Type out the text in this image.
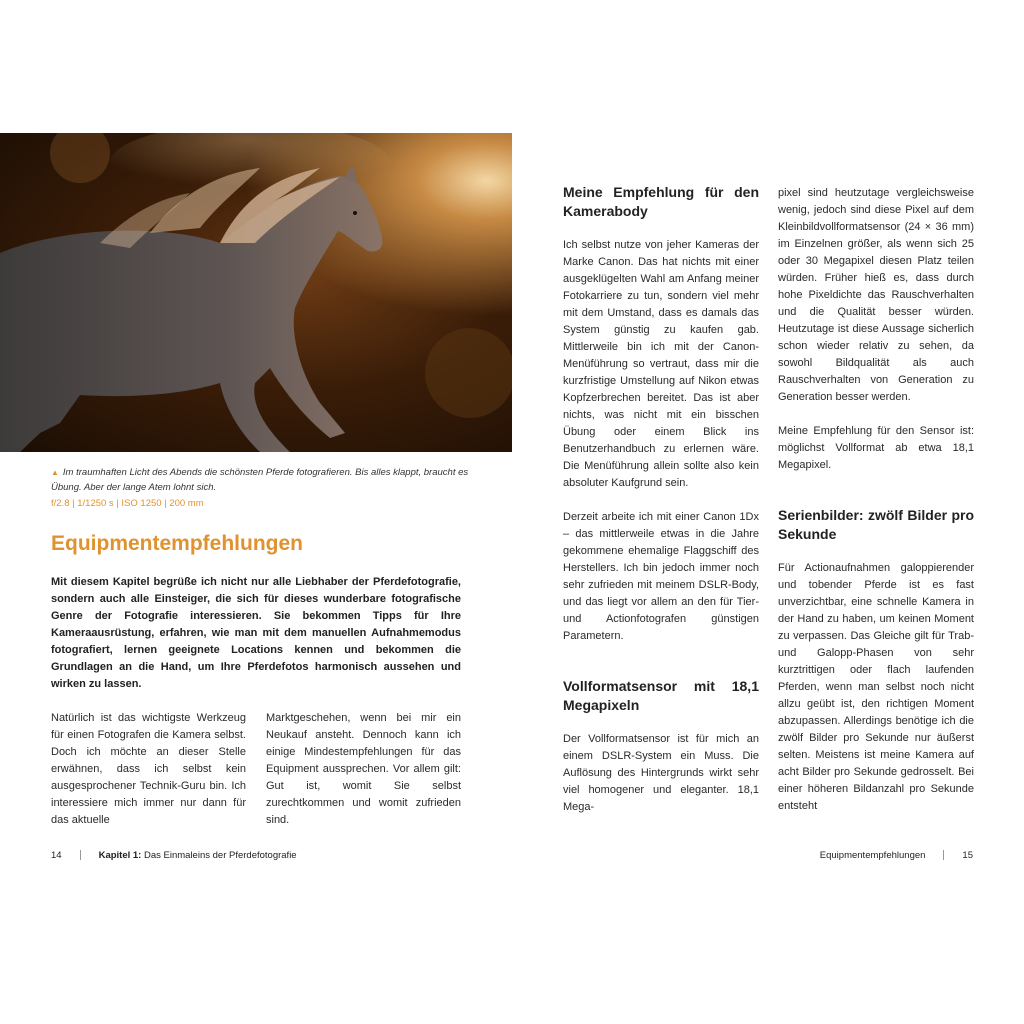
▲ Im traumhaften Licht des Abends die schönsten Pferde fotografieren. Bis alles klappt, braucht es Übung. Aber der lange Atem lohnt sich.
f/2.8 | 1/1250 s | ISO 1250 | 200 mm
Equipmentempfehlungen

Mit diesem Kapitel begrüße ich nicht nur alle Liebhaber der Pferdefotografie, sondern auch alle Einsteiger, die sich für dieses wunderbare fotografische Genre der Fotografie interessieren. Sie bekommen Tipps für Ihre Kameraausrüstung, erfahren, wie man mit dem manuellen Aufnahmemodus fotografiert, lernen geeignete Locations kennen und bekommen die Grundlagen an die Hand, um Ihre Pferdefotos harmonisch aussehen und wirken zu lassen.

Natürlich ist das wichtigste Werkzeug für einen Fotografen die Kamera selbst. Doch ich möchte an dieser Stelle erwähnen, dass ich selbst kein ausgesprochener Technik-Guru bin. Ich interessiere mich immer nur dann für das aktuelle

Marktgeschehen, wenn bei mir ein Neukauf ansteht. Dennoch kann ich einige Mindestempfehlungen für das Equipment aussprechen. Vor allem gilt: Gut ist, womit Sie selbst zurechtkommen und womit zufrieden sind.

Meine Empfehlung für den Kamerabody

Ich selbst nutze von jeher Kameras der Marke Canon. Das hat nichts mit einer ausgeklügelten Wahl am Anfang meiner Fotokarriere zu tun, sondern viel mehr mit dem Umstand, dass es damals das System günstig zu kaufen gab. Mittlerweile bin ich mit der Canon-Menüführung so vertraut, dass mir die kurzfristige Umstellung auf Nikon etwas Kopfzerbrechen bereitet. Das ist aber nichts, was nicht mit ein bisschen Übung oder einem Blick ins Benutzerhandbuch zu erlernen wäre. Die Menüführung allein sollte also kein absoluter Kaufgrund sein.

Derzeit arbeite ich mit einer Canon 1Dx – das mittlerweile etwas in die Jahre gekommene ehemalige Flaggschiff des Herstellers. Ich bin jedoch immer noch sehr zufrieden mit meinem DSLR-Body, und das liegt vor allem an den für Tier- und Actionfotografen günstigen Parametern.

Vollformatsensor mit 18,1 Megapixeln

Der Vollformatsensor ist für mich an einem DSLR-System ein Muss. Die Auflösung des Hintergrunds wirkt sehr viel homogener und eleganter. 18,1 Mega-

pixel sind heutzutage vergleichsweise wenig, jedoch sind diese Pixel auf dem Kleinbildvollformatsensor (24 × 36 mm) im Einzelnen größer, als wenn sich 25 oder 30 Megapixel diesen Platz teilen würden. Früher hieß es, dass durch hohe Pixeldichte das Rauschverhalten und die Qualität besser würden. Heutzutage ist diese Aussage sicherlich schon wieder relativ zu sehen, da sowohl Bildqualität als auch Rauschverhalten von Generation zu Generation besser werden.

Meine Empfehlung für den Sensor ist: möglichst Vollformat ab etwa 18,1 Megapixel.

Serienbilder: zwölf Bilder pro Sekunde

Für Actionaufnahmen galoppierender und tobender Pferde ist es fast unverzichtbar, eine schnelle Kamera in der Hand zu haben, um keinen Moment zu verpassen. Das Gleiche gilt für Trab- und Galopp-Phasen von sehr kurztrittigen oder flach laufenden Pferden, wenn man selbst noch nicht allzu geübt ist, den richtigen Moment abzupassen. Allerdings benötige ich die zwölf Bilder pro Sekunde nur äußerst selten. Meistens ist meine Kamera auf acht Bilder pro Sekunde gedrosselt. Bei einer höheren Bildanzahl pro Sekunde entsteht

14	Kapitel 1: Das Einmaleins der Pferdefotografie	Equipmentempfehlungen	15
